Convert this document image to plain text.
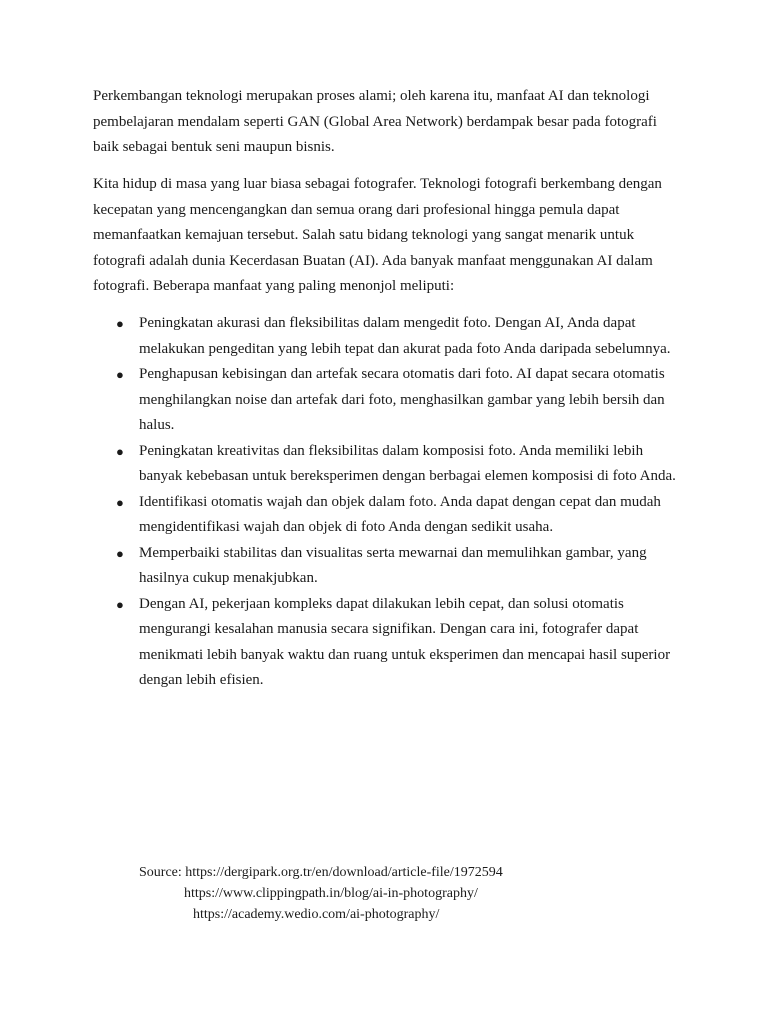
Perkembangan teknologi merupakan proses alami; oleh karena itu, manfaat AI dan teknologi pembelajaran mendalam seperti GAN (Global Area Network) berdampak besar pada fotografi baik sebagai bentuk seni maupun bisnis.

Kita hidup di masa yang luar biasa sebagai fotografer. Teknologi fotografi berkembang dengan kecepatan yang mencengangkan dan semua orang dari profesional hingga pemula dapat memanfaatkan kemajuan tersebut. Salah satu bidang teknologi yang sangat menarik untuk fotografi adalah dunia Kecerdasan Buatan (AI). Ada banyak manfaat menggunakan AI dalam fotografi. Beberapa manfaat yang paling menonjol meliputi:

● Peningkatan akurasi dan fleksibilitas dalam mengedit foto. Dengan AI, Anda dapat melakukan pengeditan yang lebih tepat dan akurat pada foto Anda daripada sebelumnya.
● Penghapusan kebisingan dan artefak secara otomatis dari foto. AI dapat secara otomatis menghilangkan noise dan artefak dari foto, menghasilkan gambar yang lebih bersih dan halus.
● Peningkatan kreativitas dan fleksibilitas dalam komposisi foto. Anda memiliki lebih banyak kebebasan untuk bereksperimen dengan berbagai elemen komposisi di foto Anda.
● Identifikasi otomatis wajah dan objek dalam foto. Anda dapat dengan cepat dan mudah mengidentifikasi wajah dan objek di foto Anda dengan sedikit usaha.
● Memperbaiki stabilitas dan visualitas serta mewarnai dan memulihkan gambar, yang hasilnya cukup menakjubkan.
● Dengan AI, pekerjaan kompleks dapat dilakukan lebih cepat, dan solusi otomatis mengurangi kesalahan manusia secara signifikan. Dengan cara ini, fotografer dapat menikmati lebih banyak waktu dan ruang untuk eksperimen dan mencapai hasil superior dengan lebih efisien.
Source: https://dergipark.org.tr/en/download/article-file/1972594
https://www.clippingpath.in/blog/ai-in-photography/
https://academy.wedio.com/ai-photography/
